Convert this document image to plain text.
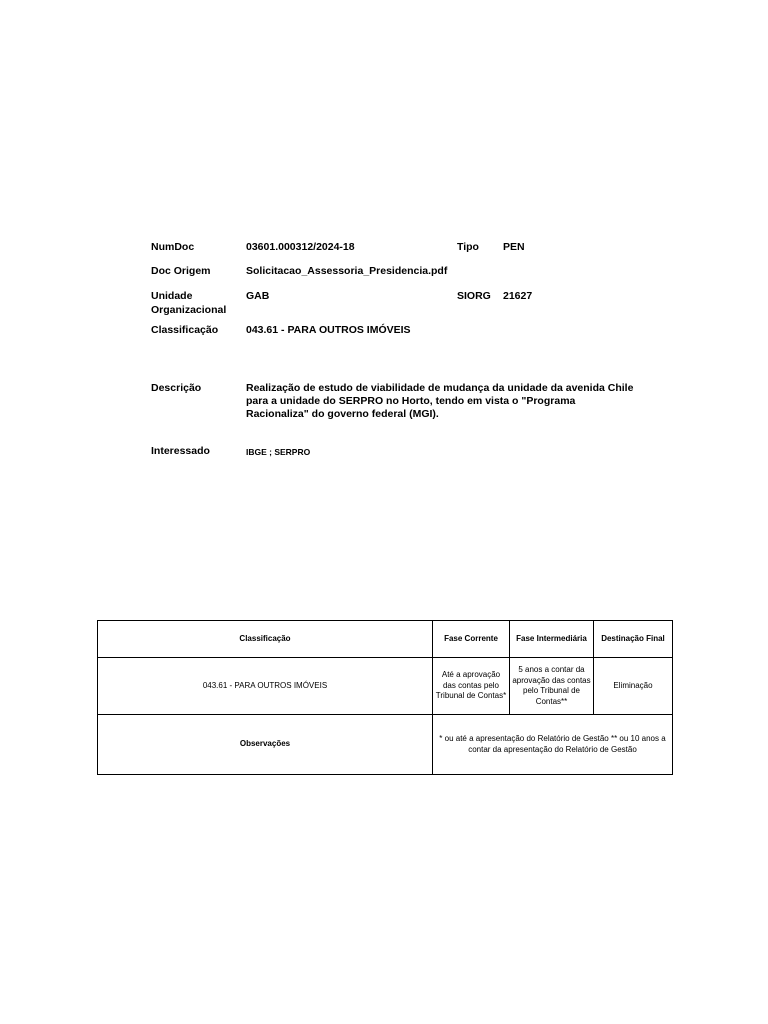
NumDoc	03601.000312/2024-18	Tipo PEN
Doc Origem	Solicitacao_Assessoria_Presidencia.pdf
Unidade
Organizacional
GAB	SIORG 21627
Classificação	043.61 - PARA OUTROS IMÓVEIS
Descrição	Realização de estudo de viabilidade de mudança da unidade da avenida Chile para a unidade do SERPRO no Horto, tendo em vista o "Programa Racionaliza" do governo federal (MGI).
Interessado	IBGE ; SERPRO
Classificação	Fase Corrente	Fase Intermediária	Destinação Final
043.61 - PARA OUTROS IMÓVEIS	Até a aprovação das contas pelo Tribunal de Contas*	5 anos a contar da aprovação das contas pelo Tribunal de Contas**	Eliminação
Observações	* ou até a apresentação do Relatório de Gestão ** ou 10 anos a contar da apresentação do Relatório de Gestão		
